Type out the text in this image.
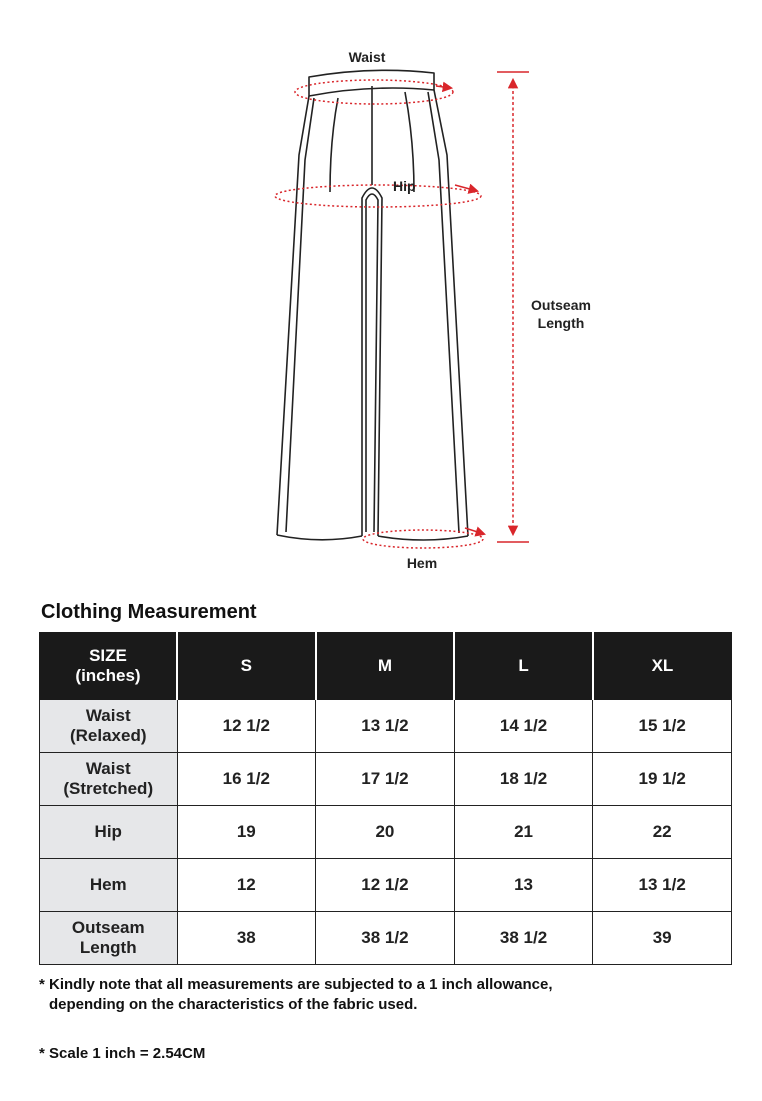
Waist
Hip
Outseam
Length
Hem
Clothing Measurement
SIZE
(inches)	S	M	L	XL

Waist
(Relaxed)	12 1/2	13 1/2	14 1/2	15 1/2

Waist
(Stretched)	16 1/2	17 1/2	18 1/2	19 1/2

Hip	19	20	21	22

Hem	12	12 1/2	13	13 1/2

Outseam
Length	38	38 1/2	38 1/2	39

* Kindly note that all measurements are subjected to a 1 inch allowance,

depending on the characteristics of the fabric used.

* Scale 1 inch = 2.54CM
